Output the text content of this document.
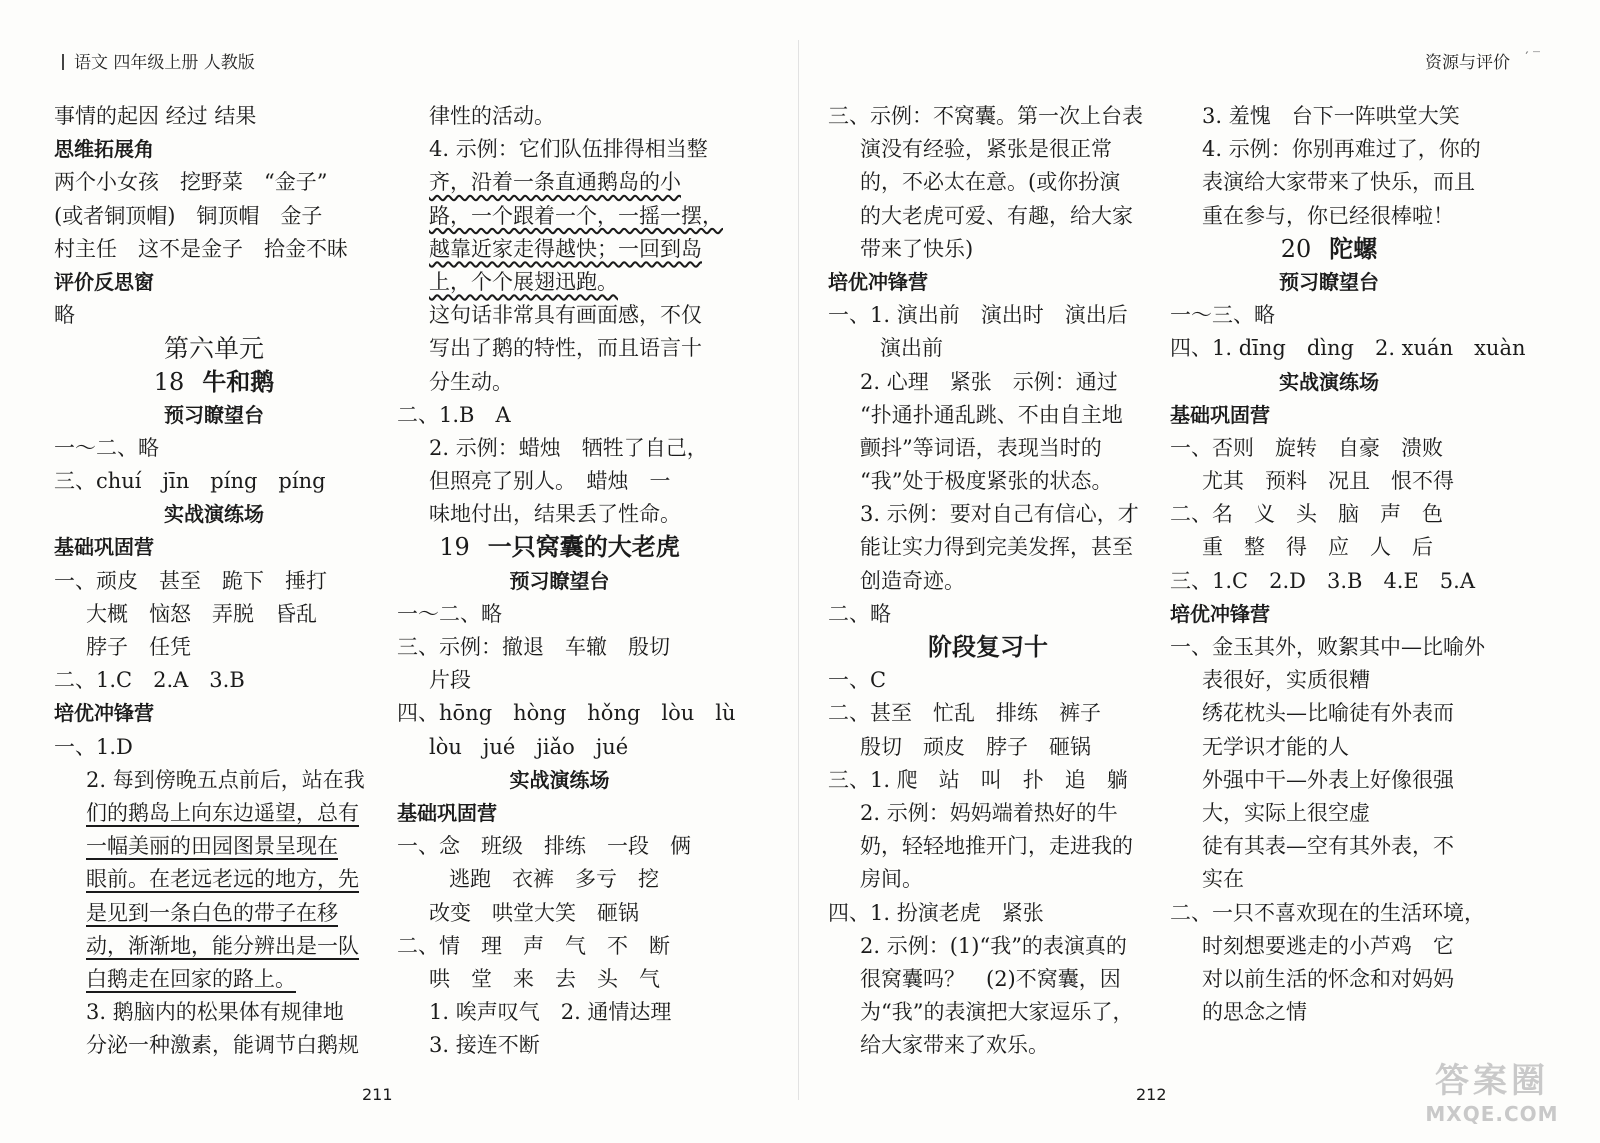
语文 四年级上册 人教版	资源与评价 ′ ‾
事情的起因 经过 结果
思维拓展角
两个小女孩　挖野菜　“金子”
(或者铜顶帽)　铜顶帽　金子
村主任　这不是金子　拾金不昧
评价反思窗
略
第六单元
18 牛和鹅
预习瞭望台
一～二、略
三、chuí　jīn　píng　píng
实战演练场
基础巩固营
一、顽皮　甚至　跪下　捶打
大概　恼怒　弄脱　昏乱
脖子　任凭
二、1.C　2.A　3.B
培优冲锋营
一、1.D
2. 每到傍晚五点前后，站在我
们的鹅岛上向东边遥望，总有
一幅美丽的田园图景呈现在
眼前。在老远老远的地方，先
是见到一条白色的带子在移
动，渐渐地，能分辨出是一队
白鹅走在回家的路上。
3. 鹅脑内的松果体有规律地
分泌一种激素，能调节白鹅规
律性的活动。
4. 示例：它们队伍排得相当整
齐，沿着一条直通鹅岛的小
路，一个跟着一个，一摇一摆，
越靠近家走得越快；一回到岛
上，个个展翅迅跑。
这句话非常具有画面感，不仅
写出了鹅的特性，而且语言十
分生动。
二、1.B　A
2. 示例：蜡烛　牺牲了自己，
但照亮了别人。　蜡烛　一
味地付出，结果丢了性命。
19 一只窝囊的大老虎
预习瞭望台
一～二、略
三、示例：撤退　车辙　殷切
片段
四、hōng　hòng　hǒng　lòu　lù
lòu　jué　jiǎo　jué
实战演练场
基础巩固营
一、念　班级　排练　一段　俩
逃跑　衣裤　多亏　挖
改变　哄堂大笑　砸锅
二、情　理　声　气　不　断
哄　堂　来　去　头　气
1. 唉声叹气　2. 通情达理
3. 接连不断
三、示例：不窝囊。第一次上台表
演没有经验，紧张是很正常
的，不必太在意。(或你扮演
的大老虎可爱、有趣，给大家
带来了快乐)
培优冲锋营
一、1. 演出前　演出时　演出后
演出前
2. 心理　紧张　示例：通过
“扑通扑通乱跳、不由自主地
颤抖”等词语，表现当时的
“我”处于极度紧张的状态。
3. 示例：要对自己有信心，才
能让实力得到完美发挥，甚至
创造奇迹。
二、略
阶段复习十
一、C
二、甚至　忙乱　排练　裤子
殷切　顽皮　脖子　砸锅
三、1. 爬　站　叫　扑　追　躺
2. 示例：妈妈端着热好的牛
奶，轻轻地推开门，走进我的
房间。
四、1. 扮演老虎　紧张
2. 示例：(1)“我”的表演真的
很窝囊吗？　(2)不窝囊，因
为“我”的表演把大家逗乐了，
给大家带来了欢乐。
3. 羞愧　台下一阵哄堂大笑
4. 示例：你别再难过了，你的
表演给大家带来了快乐，而且
重在参与，你已经很棒啦！
20 陀螺
预习瞭望台
一～三、略
四、1. dīng　dìng　2. xuán　xuàn
实战演练场
基础巩固营
一、否则　旋转　自豪　溃败
尤其　预料　况且　恨不得
二、名　义　头　脑　声　色
重　整　得　应　人　后
三、1.C　2.D　3.B　4.E　5.A
培优冲锋营
一、金玉其外，败絮其中—比喻外
表很好，实质很糟
绣花枕头—比喻徒有外表而
无学识才能的人
外强中干—外表上好像很强
大，实际上很空虚
徒有其表—空有其外表，不
实在
二、一只不喜欢现在的生活环境，
时刻想要逃走的小芦鸡　它
对以前生活的怀念和对妈妈
的思念之情
211	212	答案圈
MXQE.COM
